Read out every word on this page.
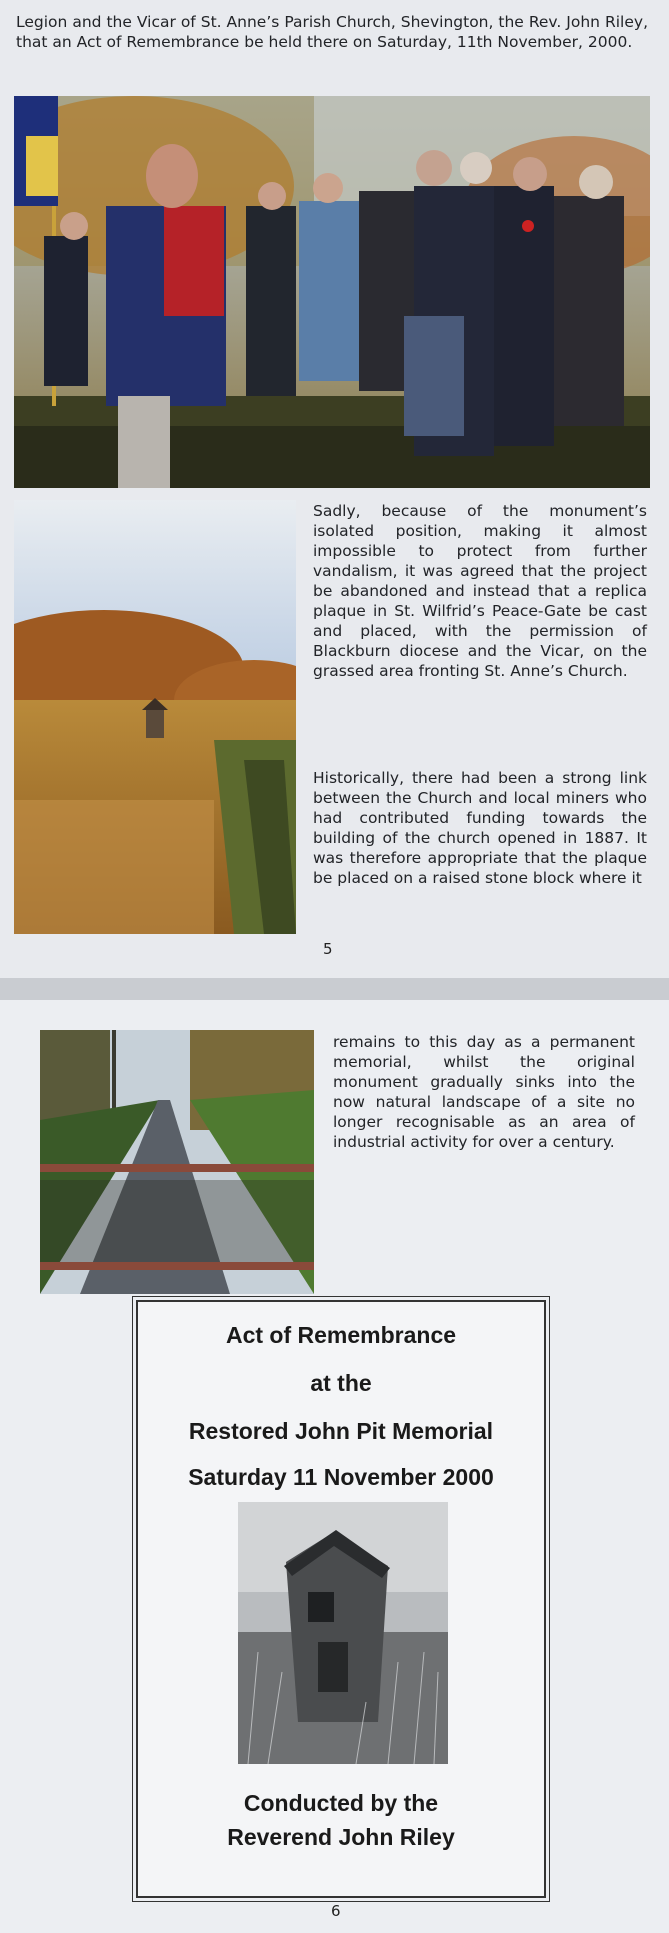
Legion and the Vicar of St. Anne’s Parish Church, Shevington, the Rev. John Riley, that an Act of Remembrance be held there on Saturday, 11th November, 2000.

Sadly, because of the monument’s isolated position, making it almost impossible to protect from further vandalism, it was agreed that the project be abandoned and instead that a replica plaque in St. Wilfrid’s Peace-Gate be cast and placed, with the permission of Blackburn diocese and the Vicar, on the grassed area fronting St. Anne’s Church.

Historically, there had been a strong link between the Church and local miners who had contributed funding towards the building of the church opened in 1887. It was therefore appropriate that the plaque be placed on a raised stone block where it

5

remains to this day as a permanent memorial, whilst the original monument gradually sinks into the now natural landscape of a site no longer recognisable as an area of industrial activity for over a century.

Act of Remembrance
at the
Restored John Pit Memorial
Saturday 11 November 2000
Conducted by the
Reverend John Riley
6
